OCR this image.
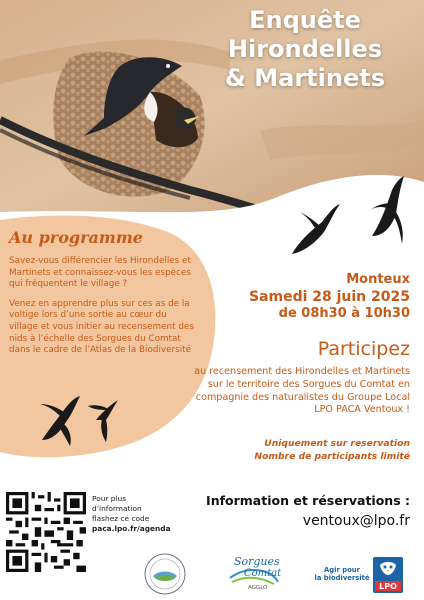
Enquête
Hirondelles
& Martinets
Au programme

Savez-vous différencier les Hirondelles et Martinets et connaissez-vous les espèces qui fréquentent le village ?

Venez en apprendre plus sur ces as de la voltige lors d’une sortie au cœur du village et vous initier au recensement des nids à l’échelle des Sorgues du Comtat dans le cadre de l’Atlas de la Biodiversité

Monteux
Samedi 28 juin 2025
de 08h30 à 10h30
Participez
au recensement des Hirondelles et Martinets sur le territoire des Sorgues du Comtat en compagnie des naturalistes du Groupe Local LPO PACA Ventoux !
Uniquement sur reservation
Nombre de participants limité
Pour plus
d’information
flashez ce code
paca.lpo.fr/agenda
Information et réservations :
ventoux@lpo.fr
Sorgues
Comtat
AGGLO
Agir pour
la biodiversité
LPO
